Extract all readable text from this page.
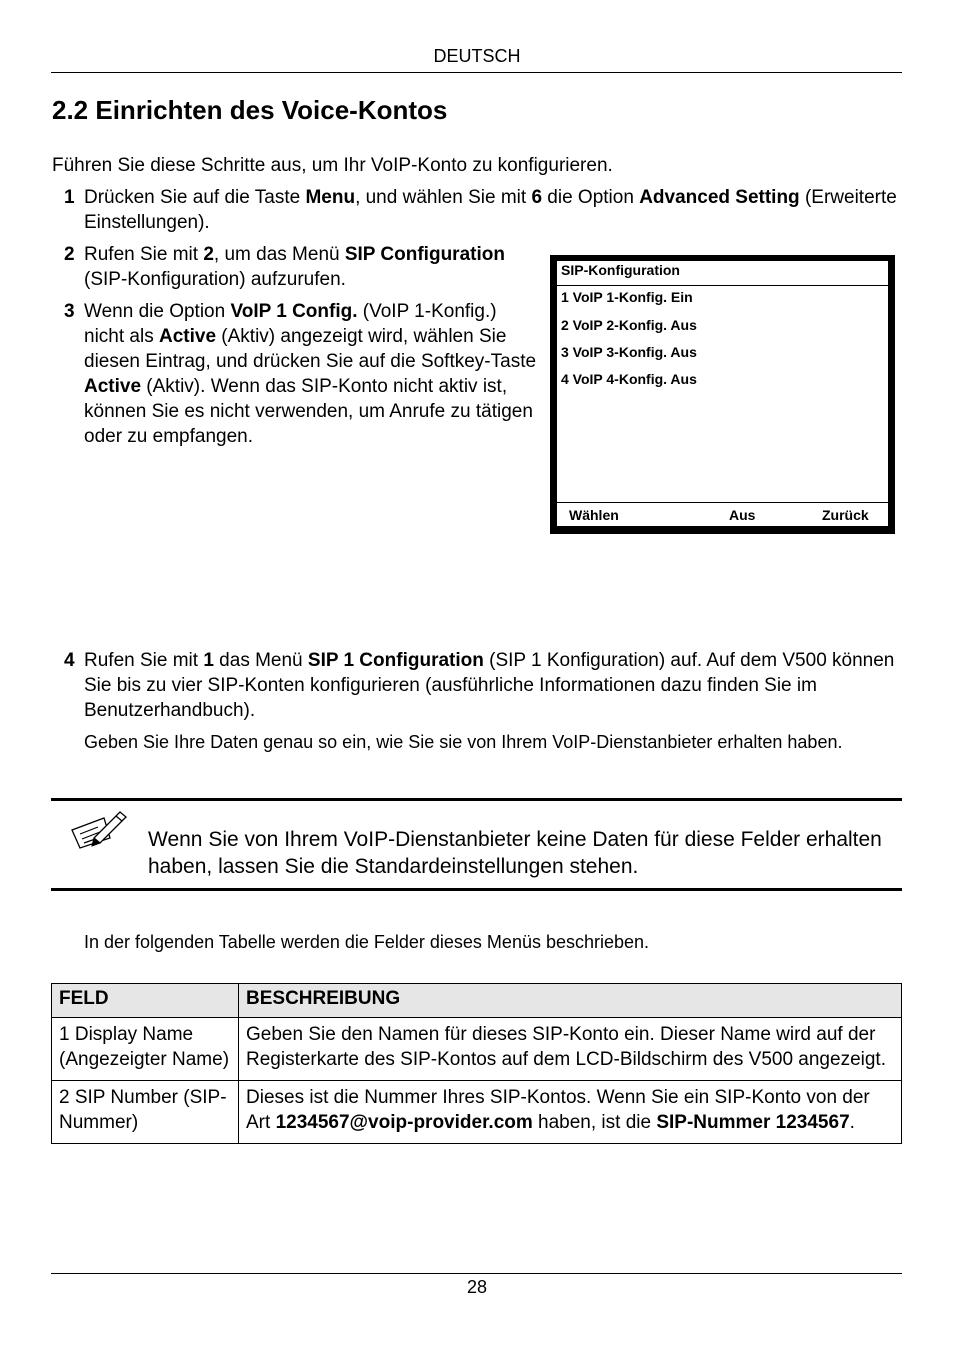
DEUTSCH
2.2 Einrichten des Voice-Kontos
Führen Sie diese Schritte aus, um Ihr VoIP-Konto zu konfigurieren.
1 Drücken Sie auf die Taste Menu, und wählen Sie mit 6 die Option Advanced Setting (Erweiterte Einstellungen).
2 Rufen Sie mit 2, um das Menü SIP Configuration (SIP-Konfiguration) aufzurufen.
3 Wenn die Option VoIP 1 Config. (VoIP 1-Konfig.) nicht als Active (Aktiv) angezeigt wird, wählen Sie diesen Eintrag, und drücken Sie auf die Softkey-Taste Active (Aktiv). Wenn das SIP-Konto nicht aktiv ist, können Sie es nicht verwenden, um Anrufe zu tätigen oder zu empfangen.
SIP-Konfiguration
1 VoIP 1-Konfig. Ein
2 VoIP 2-Konfig. Aus
3 VoIP 3-Konfig. Aus
4 VoIP 4-Konfig. Aus
Wählen	Aus	Zurück
4 Rufen Sie mit 1 das Menü SIP 1 Configuration (SIP 1 Konfiguration) auf. Auf dem V500 können Sie bis zu vier SIP-Konten konfigurieren (ausführliche Informationen dazu finden Sie im Benutzerhandbuch).
Geben Sie Ihre Daten genau so ein, wie Sie sie von Ihrem VoIP-Dienstanbieter erhalten haben.
Wenn Sie von Ihrem VoIP-Dienstanbieter keine Daten für diese Felder erhalten haben, lassen Sie die Standardeinstellungen stehen.
In der folgenden Tabelle werden die Felder dieses Menüs beschrieben.
FELD	BESCHREIBUNG
1 Display Name (Angezeigter Name)	Geben Sie den Namen für dieses SIP-Konto ein. Dieser Name wird auf der Registerkarte des SIP-Kontos auf dem LCD-Bildschirm des V500 angezeigt.
2 SIP Number (SIP-Nummer)	Dieses ist die Nummer Ihres SIP-Kontos. Wenn Sie ein SIP-Konto von der Art 1234567@voip-provider.com haben, ist die SIP-Nummer 1234567.
28
